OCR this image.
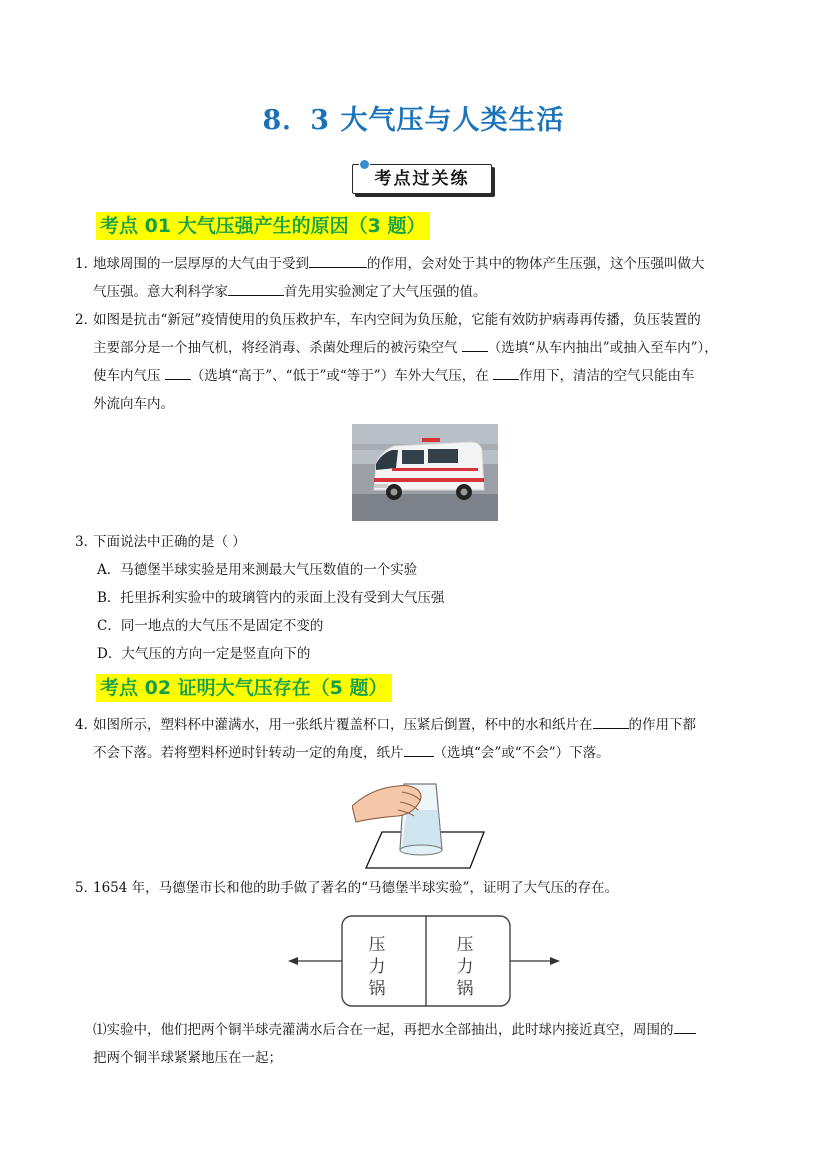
8．3 大气压与人类生活
考点过关练
考点 01 大气压强产生的原因（3 题）
1．
地球周围的一层厚厚的大气由于受到	的作用，会对处于其中的物体产生压强，这个压强叫做大
气压强。意大利科学家	首先用实验测定了大气压强的值。
2．
如图是抗击“新冠”疫情使用的负压救护车，车内空间为负压舱，它能有效防护病毒再传播，负压装置的
主要部分是一个抽气机，将经消毒、杀菌处理后的被污染空气 （选填“从车内抽出”或抽入至车内”），
使车内气压 （选填“高于”、“低于”或“等于”）车外大气压，在 作用下，清洁的空气只能由车
外流向车内。
3．
下面说法中正确的是（ ）
A．马德堡半球实验是用来测最大气压数值的一个实验
B．托里拆利实验中的玻璃管内的汞面上没有受到大气压强
C．同一地点的大气压不是固定不变的
D．大气压的方向一定是竖直向下的
考点 02 证明大气压存在（5 题）
4．
如图所示，塑料杯中灌满水，用一张纸片覆盖杯口，压紧后倒置，杯中的水和纸片在	的作用下都
不会下落。若将塑料杯逆时针转动一定的角度，纸片 （选填“会”或“不会”）下落。
5．
1654 年，马德堡市长和他的助手做了著名的“马德堡半球实验”，证明了大气压的存在。
压
力
锅
压
力
锅
⑴实验中，他们把两个铜半球壳灌满水后合在一起，再把水全部抽出，此时球内接近真空，周围的
把两个铜半球紧紧地压在一起；
